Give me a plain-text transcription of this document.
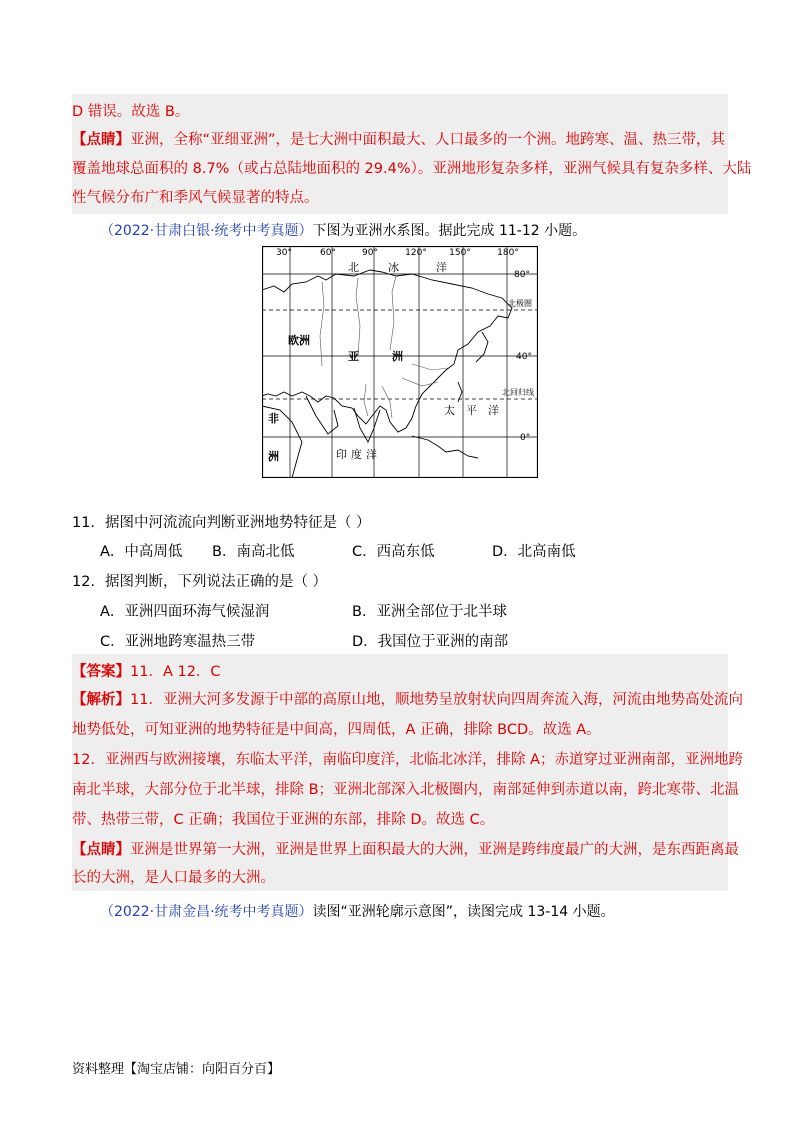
D 错误。故选 B。
【点睛】亚洲，全称“亚细亚洲”，是七大洲中面积最大、人口最多的一个洲。地跨寒、温、热三带，其
覆盖地球总面积的 8.7%（或占总陆地面积的 29.4%）。亚洲地形复杂多样，亚洲气候具有复杂多样、大陆
性气候分布广和季风气候显著的特点。
（2022·甘肃白银·统考中考真题）下图为亚洲水系图。据此完成 11-12 小题。
30°	60°	90°	120° 150°	180°
80°
40°
0°
北极圈
北回归线
北	冰	洋
欧洲
亚	洲
太 平 洋
非
洲	印度洋
11．据图中河流流向判断亚洲地势特征是（ ）
A．中高周低 B．南高北低	C．西高东低	D．北高南低
12．据图判断，下列说法正确的是（ ）
A．亚洲四面环海气候湿润	B．亚洲全部位于北半球
C．亚洲地跨寒温热三带	D．我国位于亚洲的南部
【答案】11．A 12．C
【解析】11．亚洲大河多发源于中部的高原山地，顺地势呈放射状向四周奔流入海，河流由地势高处流向
地势低处，可知亚洲的地势特征是中间高，四周低，A 正确，排除 BCD。故选 A。
12．亚洲西与欧洲接壤，东临太平洋，南临印度洋，北临北冰洋，排除 A；赤道穿过亚洲南部，亚洲地跨
南北半球，大部分位于北半球，排除 B；亚洲北部深入北极圈内，南部延伸到赤道以南，跨北寒带、北温
带、热带三带，C 正确；我国位于亚洲的东部，排除 D。故选 C。
【点睛】亚洲是世界第一大洲，亚洲是世界上面积最大的大洲，亚洲是跨纬度最广的大洲，是东西距离最
长的大洲，是人口最多的大洲。
（2022·甘肃金昌·统考中考真题）读图“亚洲轮廓示意图”，读图完成 13-14 小题。
资料整理【淘宝店铺：向阳百分百】
